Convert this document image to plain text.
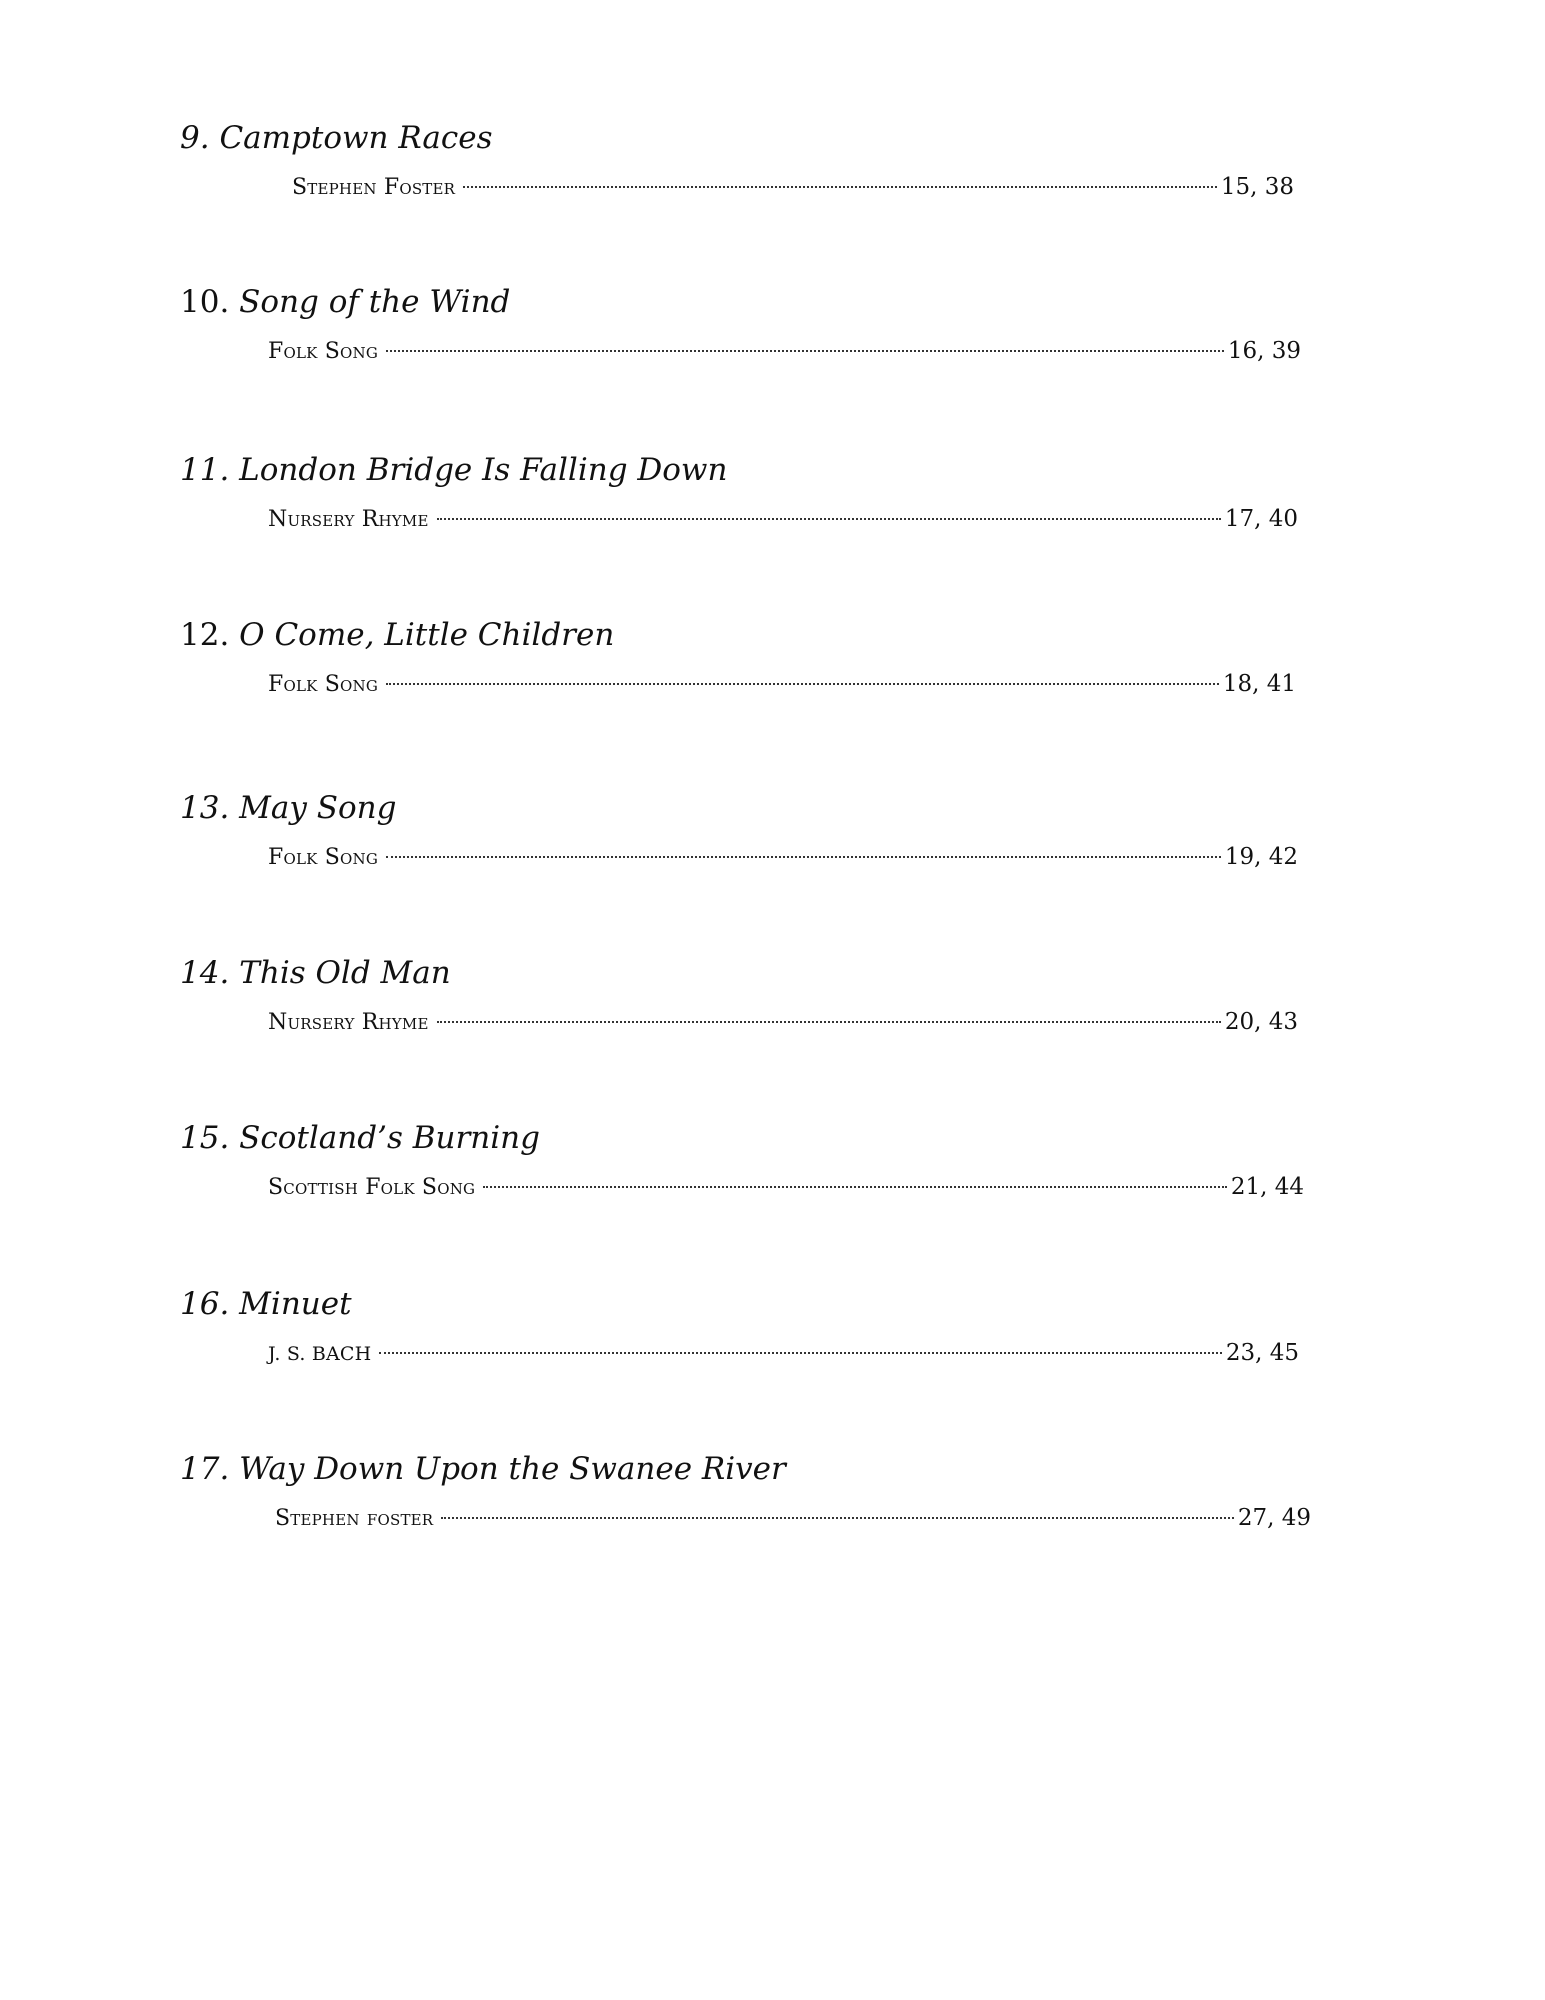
9. Camptown Races
Stephen Foster	15, 38
10. Song of the Wind
Folk Song	16, 39
11. London Bridge Is Falling Down
Nursery Rhyme	17, 40
12. O Come, Little Children
Folk Song	18, 41
13. May Song
Folk Song	19, 42
14. This Old Man
Nursery Rhyme	20, 43
15. Scotland’s Burning
Scottish Folk Song	21, 44
16. Minuet
J. S. BACH	23, 45
17. Way Down Upon the Swanee River
Stephen foster	27, 49
